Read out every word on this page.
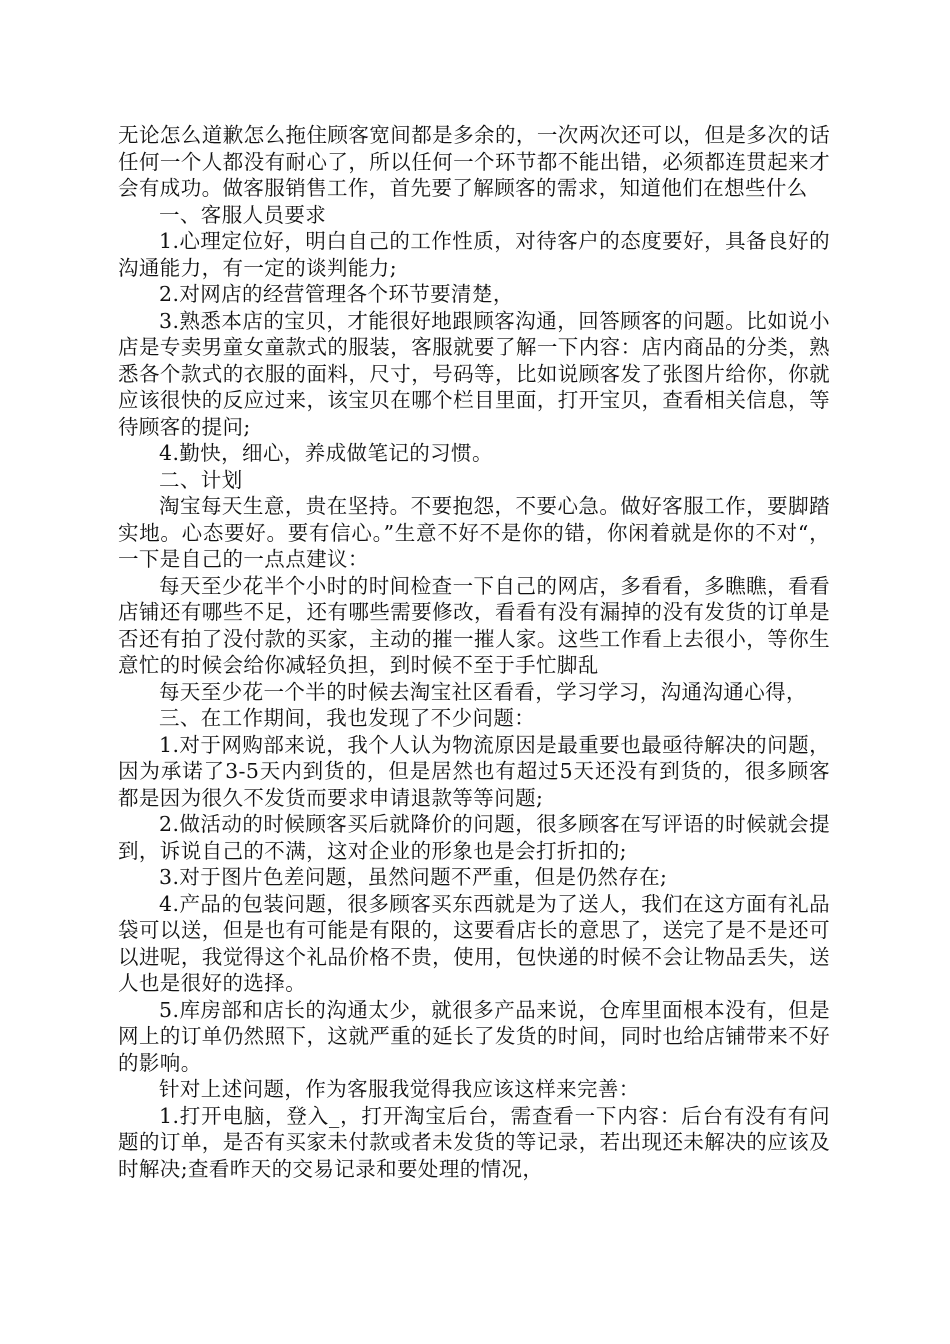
无论怎么道歉怎么拖住顾客宽间都是多余的，一次两次还可以，但是多次的话任何一个人都没有耐心了，所以任何一个环节都不能出错，必须都连贯起来才会有成功。做客服销售工作，首先要了解顾客的需求，知道他们在想些什么

一、客服人员要求

1.心理定位好，明白自己的工作性质，对待客户的态度要好，具备良好的沟通能力，有一定的谈判能力;

2.对网店的经营管理各个环节要清楚，

3.熟悉本店的宝贝，才能很好地跟顾客沟通，回答顾客的问题。比如说小店是专卖男童女童款式的服装，客服就要了解一下内容：店内商品的分类，熟悉各个款式的衣服的面料，尺寸，号码等，比如说顾客发了张图片给你，你就应该很快的反应过来，该宝贝在哪个栏目里面，打开宝贝，查看相关信息，等待顾客的提问;

4.勤快，细心，养成做笔记的习惯。

二、计划

淘宝每天生意，贵在坚持。不要抱怨，不要心急。做好客服工作，要脚踏实地。心态要好。要有信心。”生意不好不是你的错，你闲着就是你的不对“，一下是自己的一点点建议：

每天至少花半个小时的时间检查一下自己的网店，多看看，多瞧瞧，看看店铺还有哪些不足，还有哪些需要修改，看看有没有漏掉的没有发货的订单是否还有拍了没付款的买家，主动的摧一摧人家。这些工作看上去很小，等你生意忙的时候会给你减轻负担，到时候不至于手忙脚乱

每天至少花一个半的时候去淘宝社区看看，学习学习，沟通沟通心得，

三、在工作期间，我也发现了不少问题：

1.对于网购部来说，我个人认为物流原因是最重要也最亟待解决的问题，因为承诺了3-5天内到货的，但是居然也有超过5天还没有到货的，很多顾客都是因为很久不发货而要求申请退款等等问题;

2.做活动的时候顾客买后就降价的问题，很多顾客在写评语的时候就会提到，诉说自己的不满，这对企业的形象也是会打折扣的;

3.对于图片色差问题，虽然问题不严重，但是仍然存在;

4.产品的包装问题，很多顾客买东西就是为了送人，我们在这方面有礼品袋可以送，但是也有可能是有限的，这要看店长的意思了，送完了是不是还可以进呢，我觉得这个礼品价格不贵，使用，包快递的时候不会让物品丢失，送人也是很好的选择。

5.库房部和店长的沟通太少，就很多产品来说，仓库里面根本没有，但是网上的订单仍然照下，这就严重的延长了发货的时间，同时也给店铺带来不好的影响。

针对上述问题，作为客服我觉得我应该这样来完善：

1.打开电脑，登入_，打开淘宝后台，需查看一下内容：后台有没有有问题的订单，是否有买家未付款或者未发货的等记录，若出现还未解决的应该及时解决;查看昨天的交易记录和要处理的情况，
